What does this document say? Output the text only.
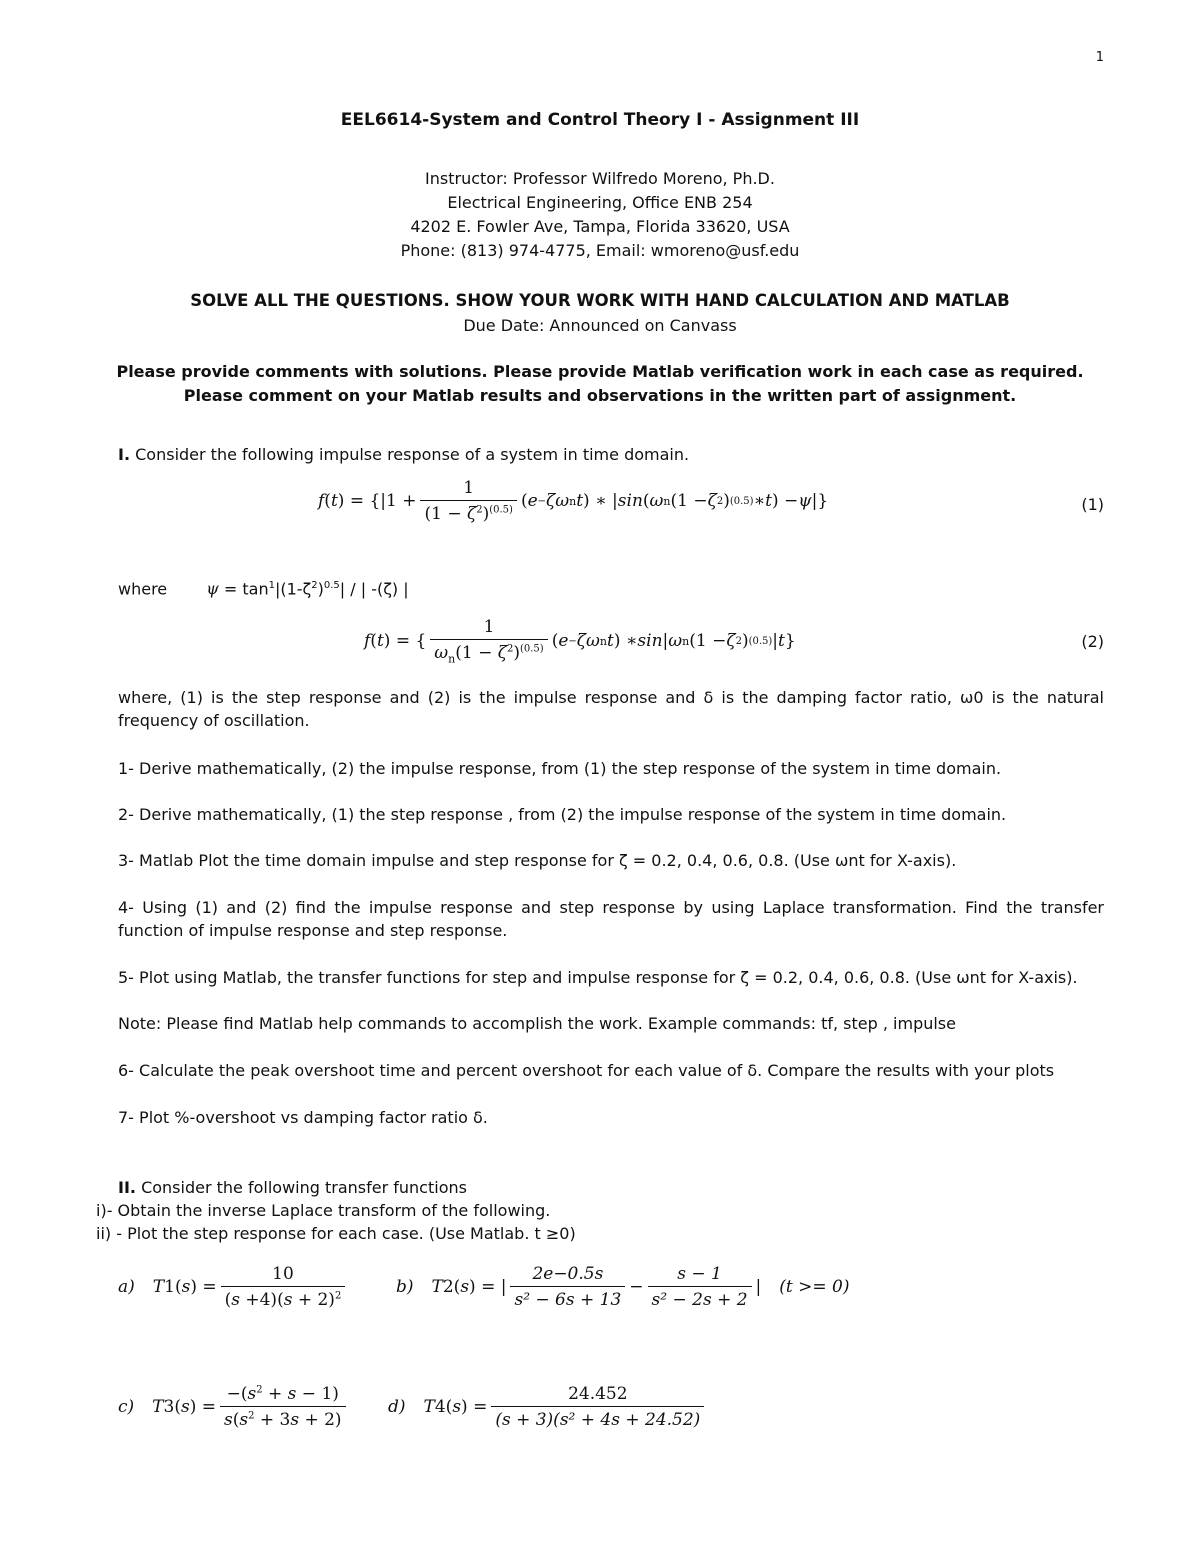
1
EEL6614-System and Control Theory I - Assignment III
Instructor: Professor Wilfredo Moreno, Ph.D.
Electrical Engineering, Office ENB 254
4202 E. Fowler Ave, Tampa, Florida 33620, USA
Phone: (813) 974-4775, Email: wmoreno@usf.edu
SOLVE ALL THE QUESTIONS. SHOW YOUR WORK WITH HAND CALCULATION AND MATLAB
Due Date: Announced on Canvass
Please provide comments with solutions. Please provide Matlab verification work in each case as required. Please comment on your Matlab results and observations in the written part of assignment.
I. Consider the following impulse response of a system in time domain.
f ( t ) = {$|1 + \frac{1}{(1 - \zeta^2)^{(0.5)}}$ ( e − ζω n t ) ∗ | sin ( ω n (1 − ζ 2 ) (0.5) ∗ t ) − ψ |}	(1)
where $\psi = \tan^1|(1-\zeta^2)^{0.5}|$ / | -(ζ) |
f ( t ) = { $\frac{1}{\omega_n(1 - \zeta^2)^{(0.5)}}$ ( e − ζω n t ) ∗ sin | ω n (1 − ζ 2 ) (0.5) | t }	(2)
where, (1) is the step response and (2) is the impulse response and δ is the damping factor ratio, ω0 is the natural frequency of oscillation.
1- Derive mathematically, (2) the impulse response, from (1) the step response of the system in time domain.
2- Derive mathematically, (1) the step response , from (2) the impulse response of the system in time domain.
3- Matlab Plot the time domain impulse and step response for ζ = 0.2, 0.4, 0.6, 0.8. (Use ωnt for X-axis).
4- Using (1) and (2) find the impulse response and step response by using Laplace transformation. Find the transfer function of impulse response and step response.
5- Plot using Matlab, the transfer functions for step and impulse response for ζ = 0.2, 0.4, 0.6, 0.8. (Use ωnt for X-axis).
Note: Please find Matlab help commands to accomplish the work. Example commands: tf, step , impulse
6- Calculate the peak overshoot time and percent overshoot for each value of δ. Compare the results with your plots
7- Plot %-overshoot vs damping factor ratio δ.
II. Consider the following transfer functions
i)- Obtain the inverse Laplace transform of the following.
ii) - Plot the step response for each case. (Use Matlab. t ≥0)
a) T 1( s ) = $\frac{10}{(s +4)(s + 2)^2}$	b) T 2( s ) = | $\frac{2e-0.5s}{\text{s² − 6s + 13}} - \frac{s - 1}{\text{s² − 2s + 2}}$ | (t >= 0)
c) T 3( s ) = $\frac{-(s^2 + s - 1)}{s(s^2 + 3s + 2)} d$) T 4( s ) = $\frac{24.452}{\text{(s + 3)(s² + 4s + 24.52)}}$
